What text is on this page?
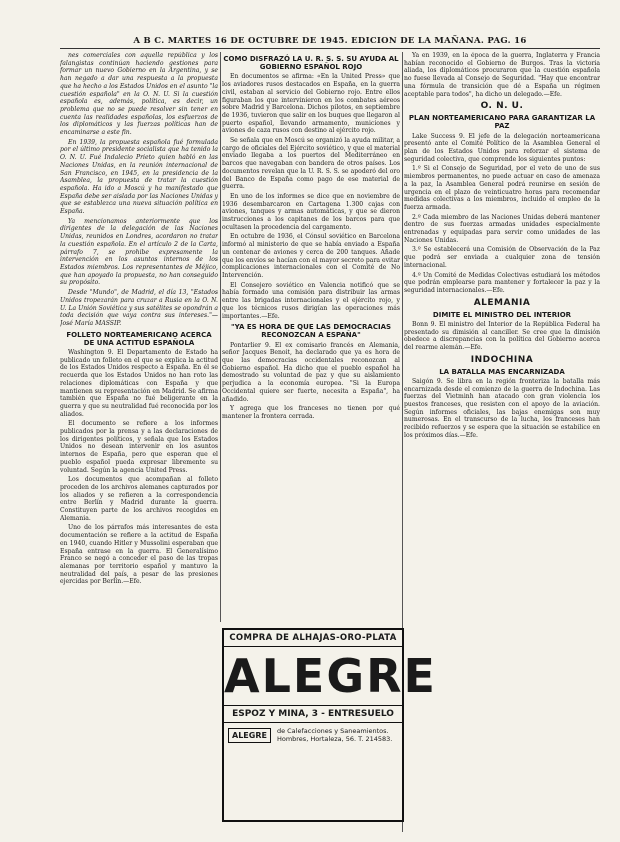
A B C. MARTES 16 DE OCTUBRE DE 1945. EDICION DE LA MAÑANA. PAG. 16

nes comerciales con aquella república y los falangistas continúan haciendo gestiones para formar un nuevo Gobierno en la Argentina, y se han negado a dar una respuesta a la propuesta que ha hecho a los Estados Unidos en el asunto "la cuestión española" en la O. N. U. Si la cuestión española es, además, política, es decir, un problema que no se puede resolver sin tener en cuenta las realidades españolas, los esfuerzos de los diplomáticos y las fuerzas políticas han de encaminarse a este fin.

En 1939, la propuesta española fué formulada por el último presidente socialista que ha tenido la O. N. U. Fué Indalecio Prieto quien habló en las Naciones Unidas, en la reunión internacional de San Francisco, en 1945, en la presidencia de la Asamblea, la propuesta de tratar la cuestión española. Ha ido a Moscú y ha manifestado que España debe ser aislada por las Naciones Unidas y que se establezca una nueva situación política en España.

Ya mencionamos anteriormente que los dirigentes de la delegación de las Naciones Unidas, reunidos en Londres, acordaron no tratar la cuestión española. En el artículo 2 de la Carta, párrafo 7, se prohibe expresamente la intervención en los asuntos internos de los Estados miembros. Los representantes de Méjico, que han apoyado la propuesta, no han conseguido su propósito.

Desde "Mundo", de Madrid, el día 13, "Estados Unidos tropezarán para cruzar a Rusia en la O. N. U. La Unión Soviética y sus satélites se opondrán a toda decisión que vaya contra sus intereses."—José María MASSIP.

FOLLETO NORTEAMERICANO ACERCA DE UNA ACTITUD ESPAÑOLA

Washington 9. El Departamento de Estado ha publicado un folleto en el que se explica la actitud de los Estados Unidos respecto a España. En él se recuerda que los Estados Unidos no han roto las relaciones diplomáticas con España y que mantienen su representación en Madrid. Se afirma también que España no fué beligerante en la guerra y que su neutralidad fué reconocida por los aliados.

El documento se refiere a los informes publicados por la prensa y a las declaraciones de los dirigentes políticos, y señala que los Estados Unidos no desean intervenir en los asuntos internos de España, pero que esperan que el pueblo español pueda expresar libremente su voluntad. Según la agencia United Press.

Los documentos que acompañan al folleto proceden de los archivos alemanes capturados por los aliados y se refieren a la correspondencia entre Berlín y Madrid durante la guerra. Constituyen parte de los archivos recogidos en Alemania.

Uno de los párrafos más interesantes de esta documentación se refiere a la actitud de España en 1940, cuando Hitler y Mussolini esperaban que España entrase en la guerra. El Generalísimo Franco se negó a conceder el paso de las tropas alemanas por territorio español y mantuvo la neutralidad del país, a pesar de las presiones ejercidas por Berlín.—Efe.

COMO DISFRAZÓ LA U. R. S. S. SU AYUDA AL GOBIERNO ESPAÑOL ROJO

En documentos se afirma: «En la United Press» que los aviadores rusos destacados en España, en la guerra civil, estaban al servicio del Gobierno rojo. Entre ellos figuraban los que intervinieron en los combates aéreos sobre Madrid y Barcelona. Dichos pilotos, en septiembre de 1936, tuvieron que salir en los buques que llegaron al puerto español, llevando armamento, municiones y aviones de caza rusos con destino al ejército rojo.

Se señala que en Moscú se organizó la ayuda militar, a cargo de oficiales del Ejército soviético, y que el material enviado llegaba a los puertos del Mediterráneo en barcos que navegaban con bandera de otros países. Los documentos revelan que la U. R. S. S. se apoderó del oro del Banco de España como pago de ese material de guerra.

En uno de los informes se dice que en noviembre de 1936 desembarcaron en Cartagena 1.300 cajas con aviones, tanques y armas automáticas, y que se dieron instrucciones a los capitanes de los barcos para que ocultasen la procedencia del cargamento.

En octubre de 1936, el Cónsul soviético en Barcelona informó al ministerio de que se había enviado a España un centenar de aviones y cerca de 200 tanques. Añade que los envíos se hacían con el mayor secreto para evitar complicaciones internacionales con el Comité de No Intervención.

El Consejero soviético en Valencia notificó que se había formado una comisión para distribuir las armas entre las brigadas internacionales y el ejército rojo, y que los técnicos rusos dirigían las operaciones más importantes.—Efe.

"YA ES HORA DE QUE LAS DEMOCRACIAS RECONOZCAN A ESPAÑA"

Pontarlier 9. El ex comisario francés en Alemania, señor Jacques Benoit, ha declarado que ya es hora de que las democracias occidentales reconozcan al Gobierno español. Ha dicho que el pueblo español ha demostrado su voluntad de paz y que su aislamiento perjudica a la economía europea. "Si la Europa Occidental quiere ser fuerte, necesita a España", ha añadido.

Y agrega que los franceses no tienen por qué mantener la frontera cerrada.

COMPRA DE ALHAJAS-ORO-PLATA
ALEGRE
ESPOZ Y MINA, 3 - ENTRESUELO
ALEGRE	de Calefacciones y Saneamientos.
Hombres, Hortaleza, 56. T. 214583.

Ya en 1939, en la época de la guerra, Inglaterra y Francia habían reconocido el Gobierno de Burgos. Tras la victoria aliada, los diplomáticos procuraron que la cuestión española no fuese llevada al Consejo de Seguridad. "Hay que encontrar una fórmula de transición que dé a España un régimen aceptable para todos", ha dicho un delegado.—Efe.

O. N. U.
PLAN NORTEAMERICANO PARA GARANTIZAR LA PAZ

Lake Success 9. El jefe de la delegación norteamericana presentó ante el Comité Político de la Asamblea General el plan de los Estados Unidos para reforzar el sistema de seguridad colectiva, que comprende los siguientes puntos:

1.º Si el Consejo de Seguridad, por el veto de uno de sus miembros permanentes, no puede actuar en caso de amenaza a la paz, la Asamblea General podrá reunirse en sesión de urgencia en el plazo de veinticuatro horas para recomendar medidas colectivas a los miembros, incluido el empleo de la fuerza armada.

2.º Cada miembro de las Naciones Unidas deberá mantener dentro de sus fuerzas armadas unidades especialmente entrenadas y equipadas para servir como unidades de las Naciones Unidas.

3.º Se establecerá una Comisión de Observación de la Paz que podrá ser enviada a cualquier zona de tensión internacional.

4.º Un Comité de Medidas Colectivas estudiará los métodos que podrán emplearse para mantener y fortalecer la paz y la seguridad internacionales.—Efe.

ALEMANIA
DIMITE EL MINISTRO DEL INTERIOR

Bonn 9. El ministro del Interior de la República Federal ha presentado su dimisión al canciller. Se cree que la dimisión obedece a discrepancias con la política del Gobierno acerca del rearme alemán.—Efe.

INDOCHINA
LA BATALLA MAS ENCARNIZADA

Saigón 9. Se libra en la región fronteriza la batalla más encarnizada desde el comienzo de la guerra de Indochina. Las fuerzas del Vietminh han atacado con gran violencia los puestos franceses, que resisten con el apoyo de la aviación. Según informes oficiales, las bajas enemigas son muy numerosas. En el transcurso de la lucha, los franceses han recibido refuerzos y se espera que la situación se estabilice en los próximos días.—Efe.
